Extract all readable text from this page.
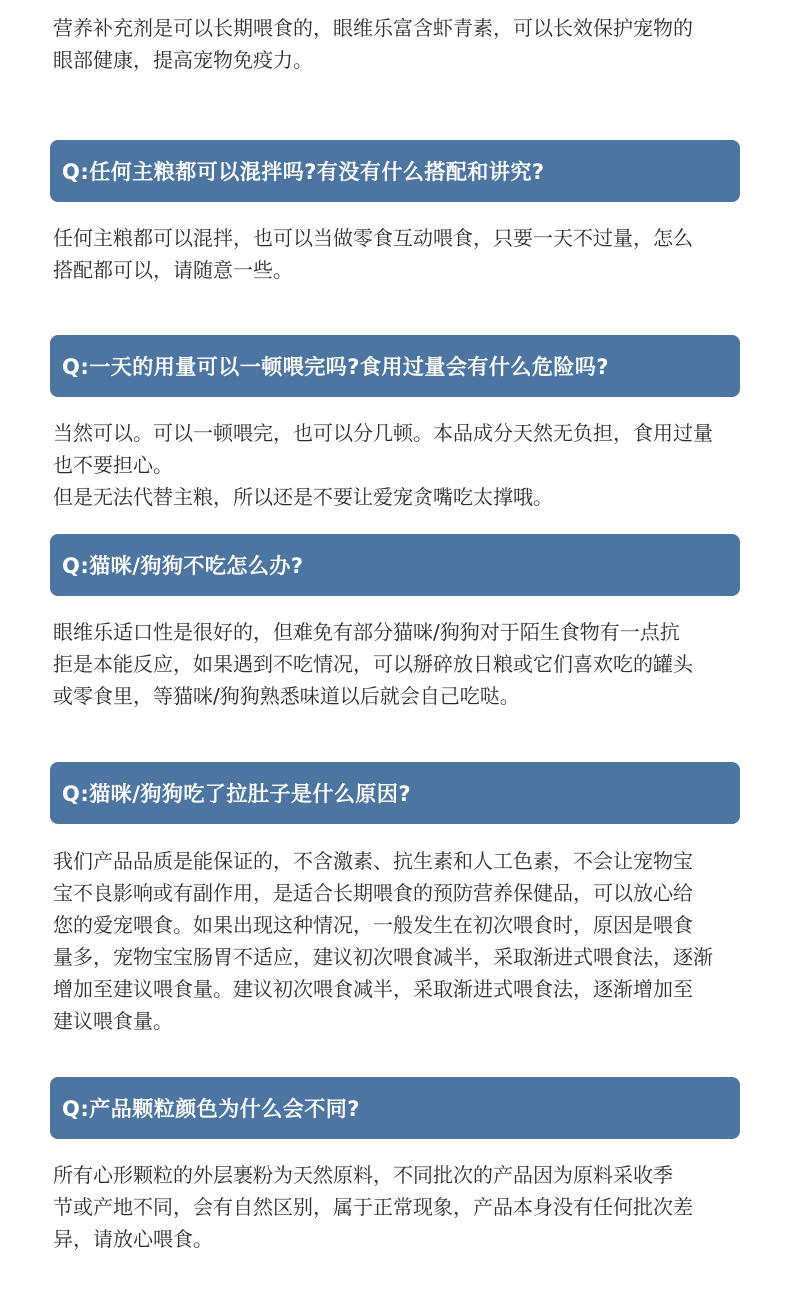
营养补充剂是可以长期喂食的，眼维乐富含虾青素，可以长效保护宠物的
眼部健康，提高宠物免疫力。
Q:任何主粮都可以混拌吗?有没有什么搭配和讲究?
任何主粮都可以混拌，也可以当做零食互动喂食，只要一天不过量，怎么
搭配都可以，请随意一些。
Q:一天的用量可以一顿喂完吗?食用过量会有什么危险吗?
当然可以。可以一顿喂完，也可以分几顿。本品成分天然无负担，食用过量
也不要担心。
但是无法代替主粮，所以还是不要让爱宠贪嘴吃太撑哦。
Q:猫咪/狗狗不吃怎么办?
眼维乐适口性是很好的，但难免有部分猫咪/狗狗对于陌生食物有一点抗
拒是本能反应，如果遇到不吃情况，可以掰碎放日粮或它们喜欢吃的罐头
或零食里，等猫咪/狗狗熟悉味道以后就会自己吃哒。
Q:猫咪/狗狗吃了拉肚子是什么原因?
我们产品品质是能保证的，不含激素、抗生素和人工色素，不会让宠物宝
宝不良影响或有副作用，是适合长期喂食的预防营养保健品，可以放心给
您的爱宠喂食。如果出现这种情况，一般发生在初次喂食时，原因是喂食
量多，宠物宝宝肠胃不适应，建议初次喂食减半，采取渐进式喂食法，逐渐
增加至建议喂食量。建议初次喂食减半，采取渐进式喂食法，逐渐增加至
建议喂食量。
Q:产品颗粒颜色为什么会不同?
所有心形颗粒的外层裹粉为天然原料，不同批次的产品因为原料采收季
节或产地不同，会有自然区别，属于正常现象，产品本身没有任何批次差
异，请放心喂食。
